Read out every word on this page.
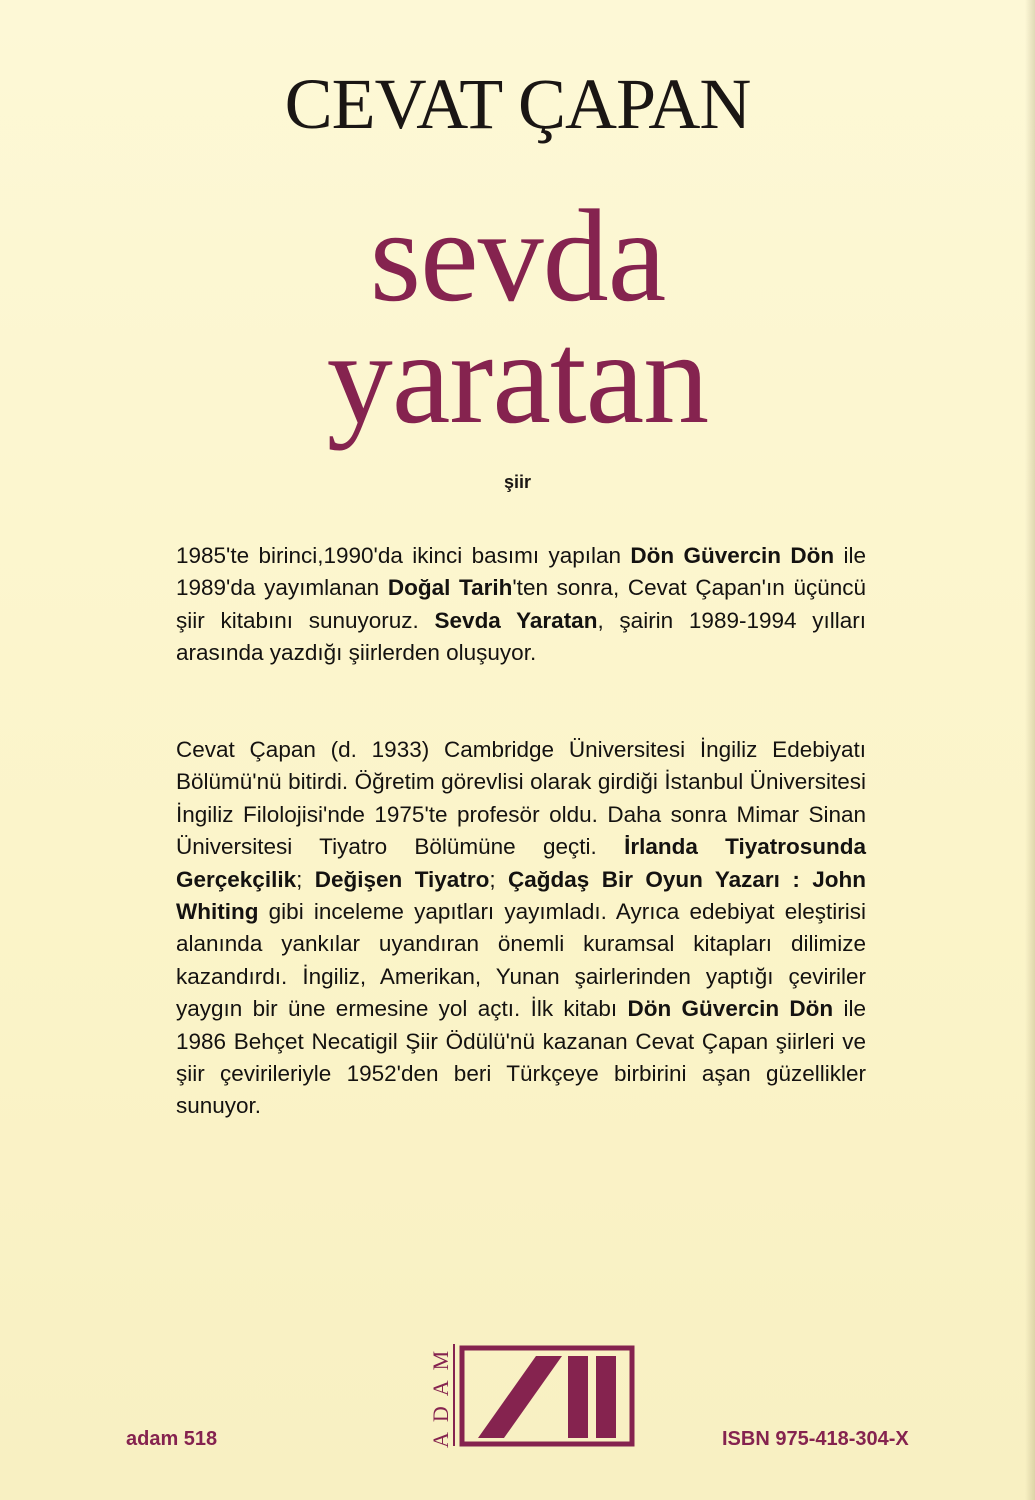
CEVAT ÇAPAN
sevda
yaratan
şiir
1985'te birinci,1990'da ikinci basımı yapılan Dön Güvercin Dön ile 1989'da yayımlanan Doğal Tarih'ten sonra, Cevat Çapan'ın üçüncü şiir kitabını sunuyoruz. Sevda Yaratan, şairin 1989-1994 yılları arasında yazdığı şiirlerden oluşuyor.
Cevat Çapan (d. 1933) Cambridge Üniversitesi İngiliz Edebiyatı Bölümü'nü bitirdi. Öğretim görevlisi olarak girdiği İstanbul Üniversitesi İngiliz Filolojisi'nde 1975'te profesör oldu. Daha sonra Mimar Sinan Üniversitesi Tiyatro Bölümüne geçti. İrlanda Tiyatrosunda Gerçekçilik; Değişen Tiyatro; Çağdaş Bir Oyun Yazarı : John Whiting gibi inceleme yapıtları yayımladı. Ayrıca edebiyat eleştirisi alanında yankılar uyandıran önemli kuramsal kitapları dilimize kazandırdı. İngiliz, Amerikan, Yunan şairlerinden yaptığı çeviriler yaygın bir üne ermesine yol açtı. İlk kitabı Dön Güvercin Dön ile 1986 Behçet Necatigil Şiir Ödülü'nü kazanan Cevat Çapan şiirleri ve şiir çevirileriyle 1952'den beri Türkçeye birbirini aşan güzellikler sunuyor.
adam 518	ADAM	ISBN 975-418-304-X
